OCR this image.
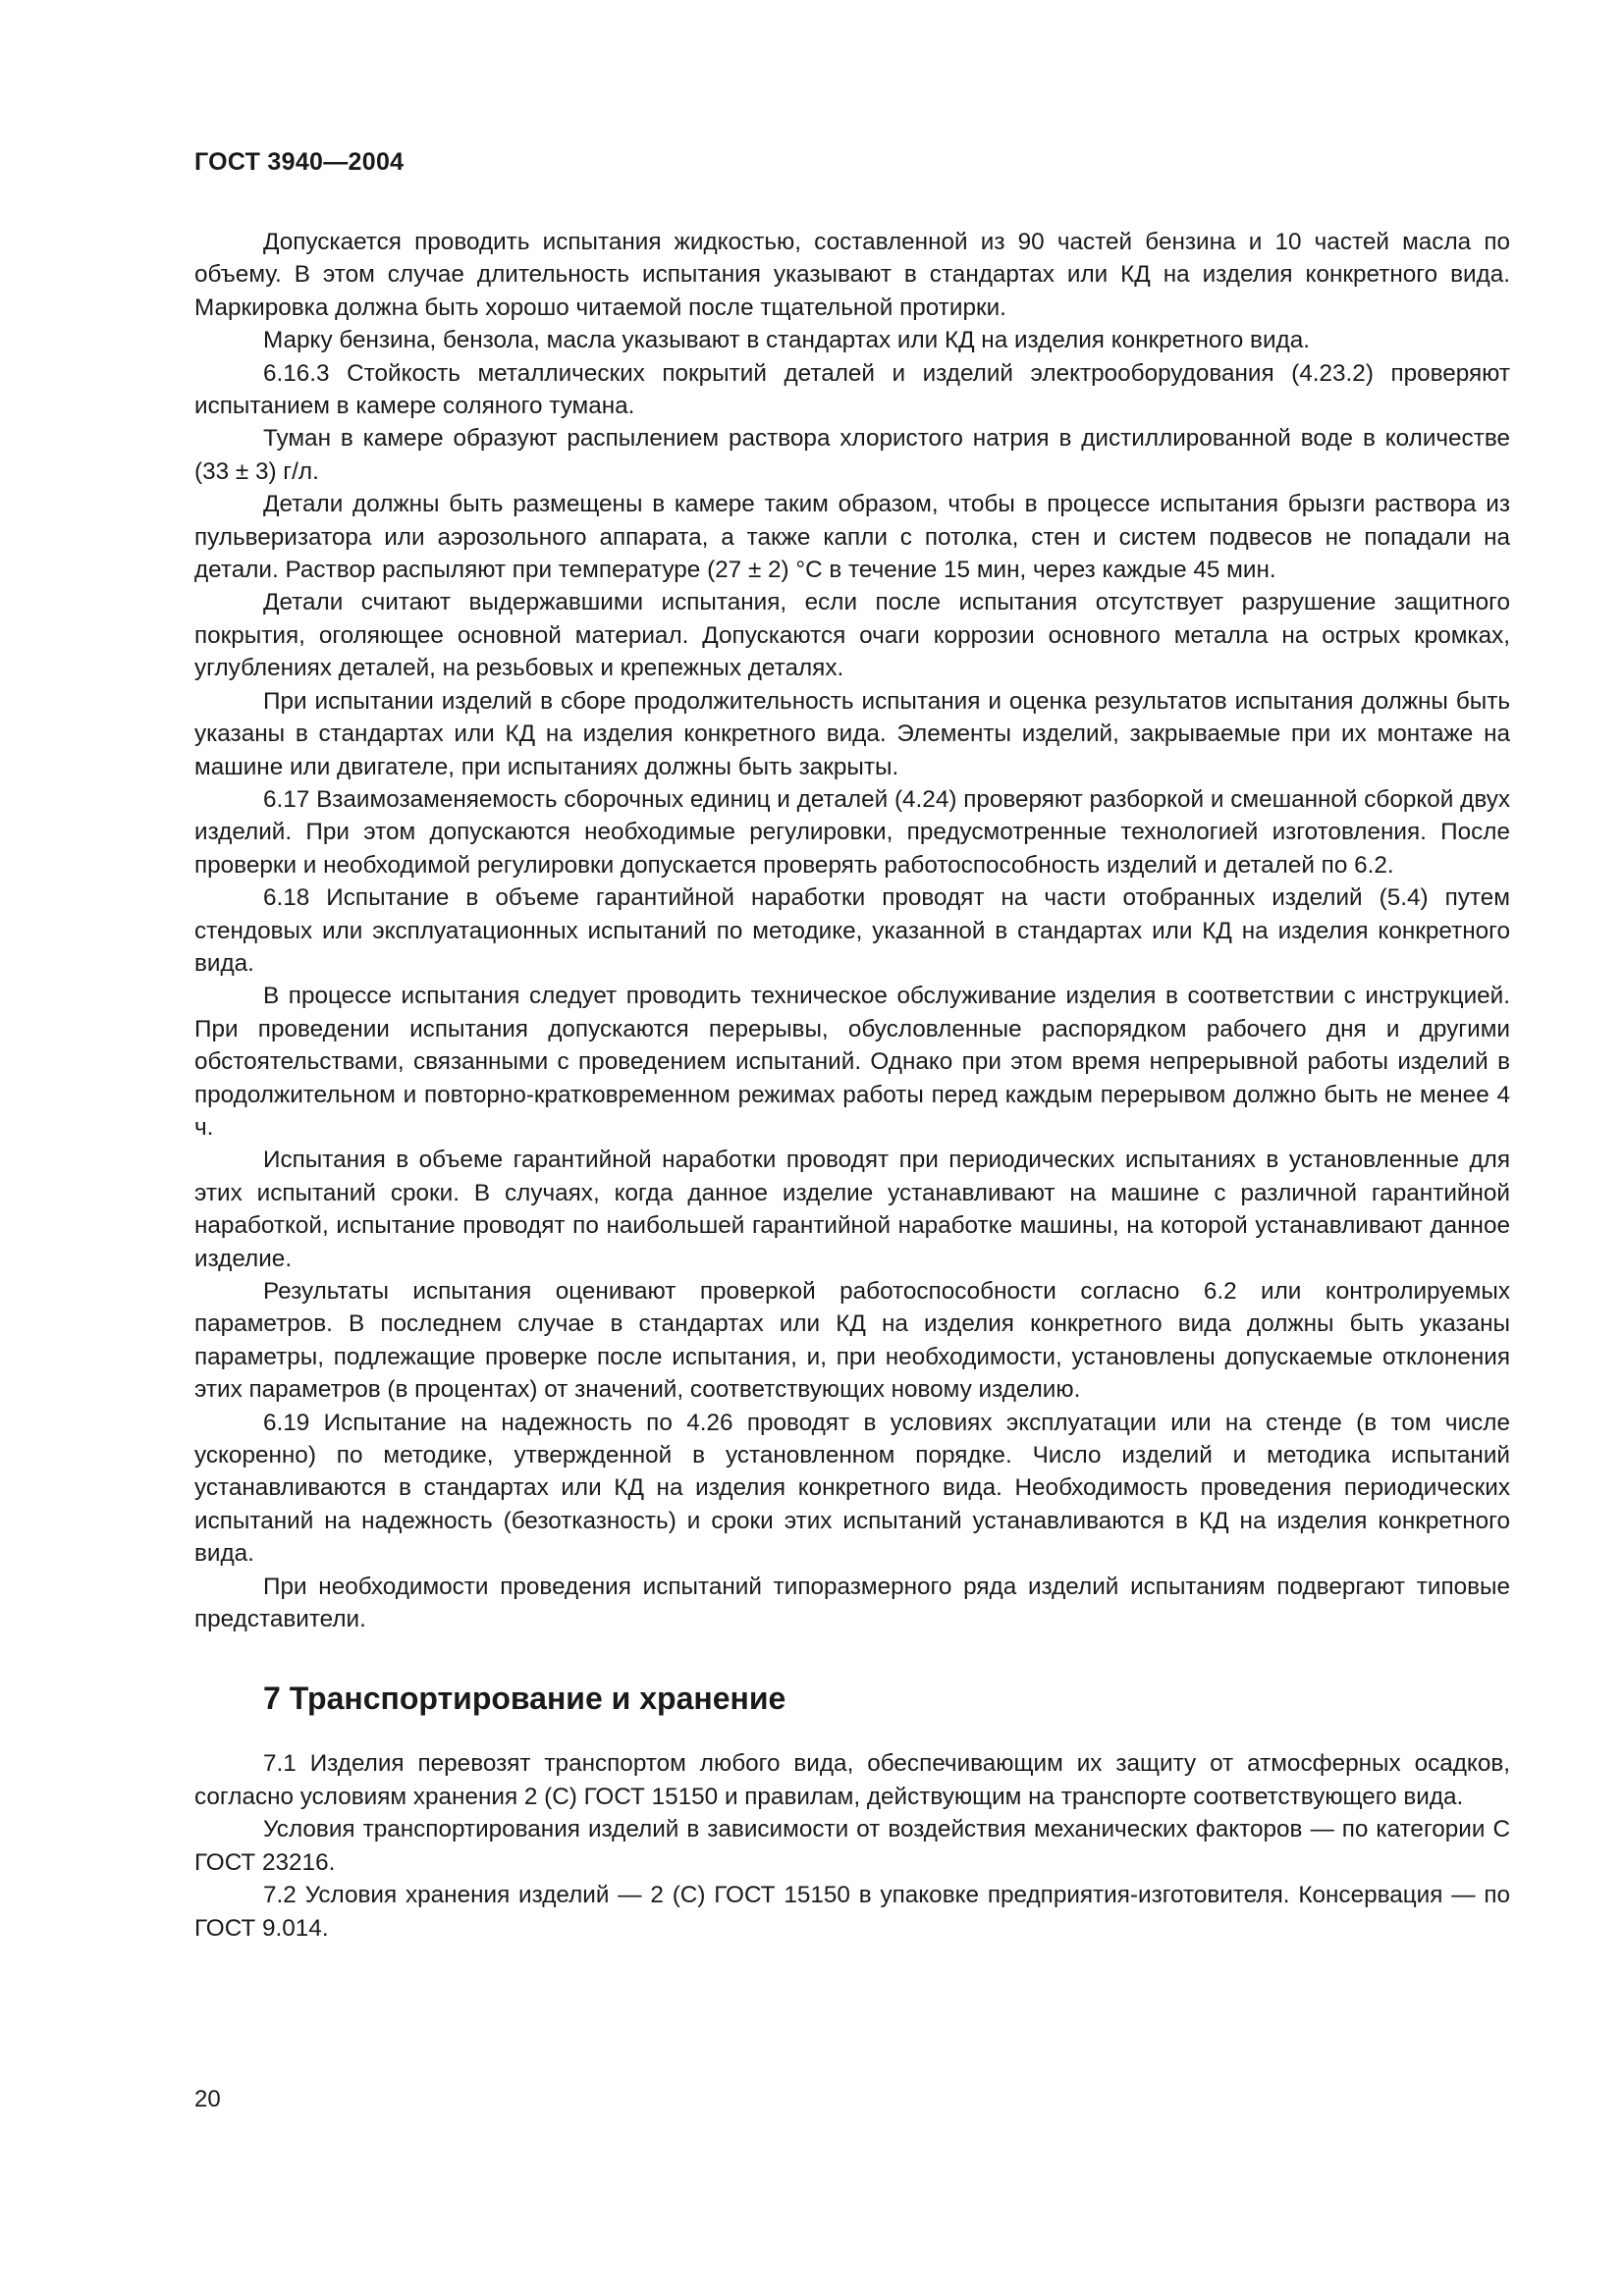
ГОСТ 3940—2004

Допускается проводить испытания жидкостью, составленной из 90 частей бензина и 10 частей масла по объему. В этом случае длительность испытания указывают в стандартах или КД на изделия конкретного вида. Маркировка должна быть хорошо читаемой после тщательной протирки.

Марку бензина, бензола, масла указывают в стандартах или КД на изделия конкретного вида.

6.16.3 Стойкость металлических покрытий деталей и изделий электрооборудования (4.23.2) проверяют испытанием в камере соляного тумана.

Туман в камере образуют распылением раствора хлористого натрия в дистиллированной воде в количестве (33 ± 3) г/л.

Детали должны быть размещены в камере таким образом, чтобы в процессе испытания брызги раствора из пульверизатора или аэрозольного аппарата, а также капли с потолка, стен и систем подвесов не попадали на детали. Раствор распыляют при температуре (27 ± 2) °С в течение 15 мин, через каждые 45 мин.

Детали считают выдержавшими испытания, если после испытания отсутствует разрушение защитного покрытия, оголяющее основной материал. Допускаются очаги коррозии основного металла на острых кромках, углублениях деталей, на резьбовых и крепежных деталях.

При испытании изделий в сборе продолжительность испытания и оценка результатов испытания должны быть указаны в стандартах или КД на изделия конкретного вида. Элементы изделий, закрываемые при их монтаже на машине или двигателе, при испытаниях должны быть закрыты.

6.17 Взаимозаменяемость сборочных единиц и деталей (4.24) проверяют разборкой и смешанной сборкой двух изделий. При этом допускаются необходимые регулировки, предусмотренные технологией изготовления. После проверки и необходимой регулировки допускается проверять работоспособность изделий и деталей по 6.2.

6.18 Испытание в объеме гарантийной наработки проводят на части отобранных изделий (5.4) путем стендовых или эксплуатационных испытаний по методике, указанной в стандартах или КД на изделия конкретного вида.

В процессе испытания следует проводить техническое обслуживание изделия в соответствии с инструкцией. При проведении испытания допускаются перерывы, обусловленные распорядком рабочего дня и другими обстоятельствами, связанными с проведением испытаний. Однако при этом время непрерывной работы изделий в продолжительном и повторно-кратковременном режимах работы перед каждым перерывом должно быть не менее 4 ч.

Испытания в объеме гарантийной наработки проводят при периодических испытаниях в установленные для этих испытаний сроки. В случаях, когда данное изделие устанавливают на машине с различной гарантийной наработкой, испытание проводят по наибольшей гарантийной наработке машины, на которой устанавливают данное изделие.

Результаты испытания оценивают проверкой работоспособности согласно 6.2 или контролируемых параметров. В последнем случае в стандартах или КД на изделия конкретного вида должны быть указаны параметры, подлежащие проверке после испытания, и, при необходимости, установлены допускаемые отклонения этих параметров (в процентах) от значений, соответствующих новому изделию.

6.19 Испытание на надежность по 4.26 проводят в условиях эксплуатации или на стенде (в том числе ускоренно) по методике, утвержденной в установленном порядке. Число изделий и методика испытаний устанавливаются в стандартах или КД на изделия конкретного вида. Необходимость проведения периодических испытаний на надежность (безотказность) и сроки этих испытаний устанавливаются в КД на изделия конкретного вида.

При необходимости проведения испытаний типоразмерного ряда изделий испытаниям подвергают типовые представители.

7 Транспортирование и хранение

7.1 Изделия перевозят транспортом любого вида, обеспечивающим их защиту от атмосферных осадков, согласно условиям хранения 2 (С) ГОСТ 15150 и правилам, действующим на транспорте соответствующего вида.

Условия транспортирования изделий в зависимости от воздействия механических факторов — по категории С ГОСТ 23216.

7.2 Условия хранения изделий — 2 (С) ГОСТ 15150 в упаковке предприятия-изготовителя. Консервация — по ГОСТ 9.014.

20
